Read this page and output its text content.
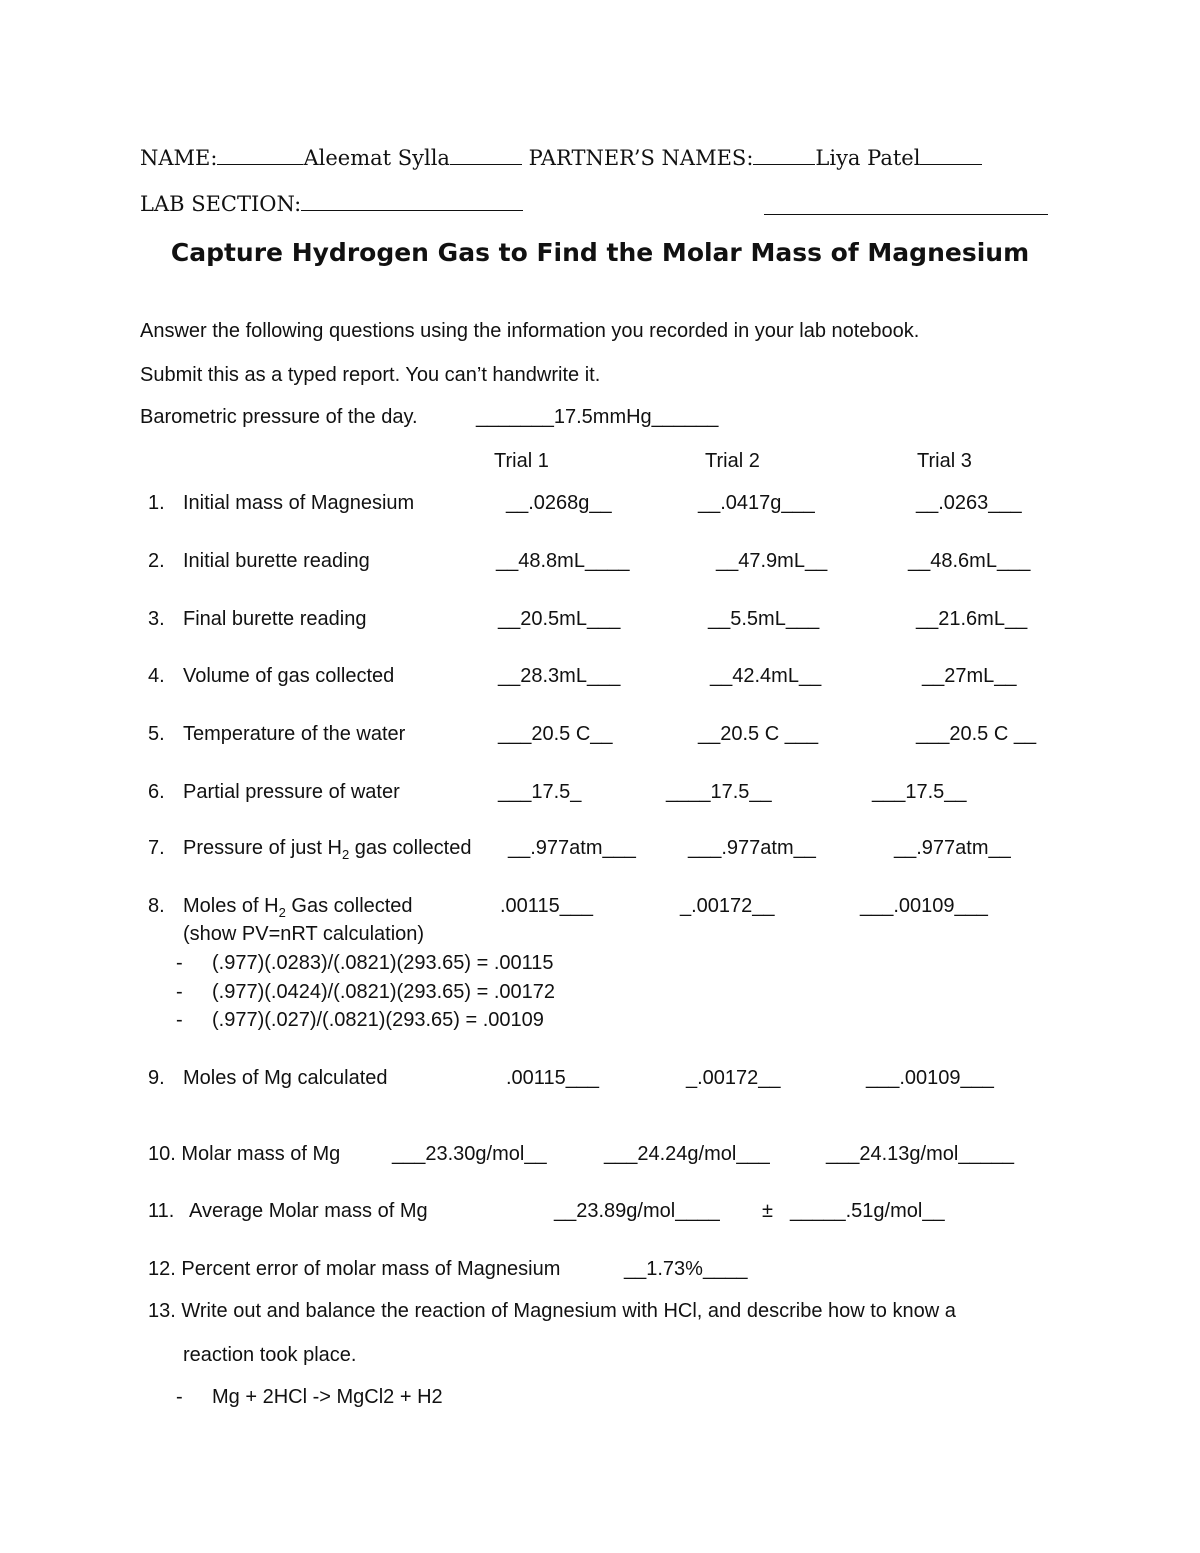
NAME:	Aleemat Sylla	PARTNER’S NAMES:	Liya Patel
LAB SECTION:
Capture Hydrogen Gas to Find the Molar Mass of Magnesium
Answer the following questions using the information you recorded in your lab notebook.
Submit this as a typed report. You can’t handwrite it.
Barometric pressure of the day.	_______17.5mmHg______
Trial 1	Trial 2	Trial 3
1. Initial mass of Magnesium	__.0268g__	__.0417g___	__.0263___
2. Initial burette reading	__48.8mL____	__47.9mL__	__48.6mL___
3. Final burette reading	__20.5mL___	__5.5mL___	__21.6mL__
4. Volume of gas collected	__28.3mL___	__42.4mL__	__27mL__
5. Temperature of the water	___20.5 C__	__20.5 C ___	___20.5 C __
6. Partial pressure of water	___17.5_	____17.5__	___17.5__
7. Pressure of just $H_2$ gas collected __.977atm___	___.977atm__	__.977atm__
8. Moles of $H_2$ Gas collected	.00115___	_.00172__	___.00109___
(show PV=nRT calculation)
- (.977)(.0283)/(.0821)(293.65) = .00115
- (.977)(.0424)/(.0821)(293.65) = .00172
- (.977)(.027)/(.0821)(293.65) = .00109
9. Moles of Mg calculated	.00115___	_.00172__	___.00109___
10. Molar mass of Mg	___23.30g/mol__	___24.24g/mol___	___24.13g/mol_____
11. Average Molar mass of Mg	__23.89g/mol____ ± _____.51g/mol__
12. Percent error of molar mass of Magnesium	__1.73%____
13. Write out and balance the reaction of Magnesium with HCl, and describe how to know a
reaction took place.
- Mg + 2HCl -> MgCl2 + H2
